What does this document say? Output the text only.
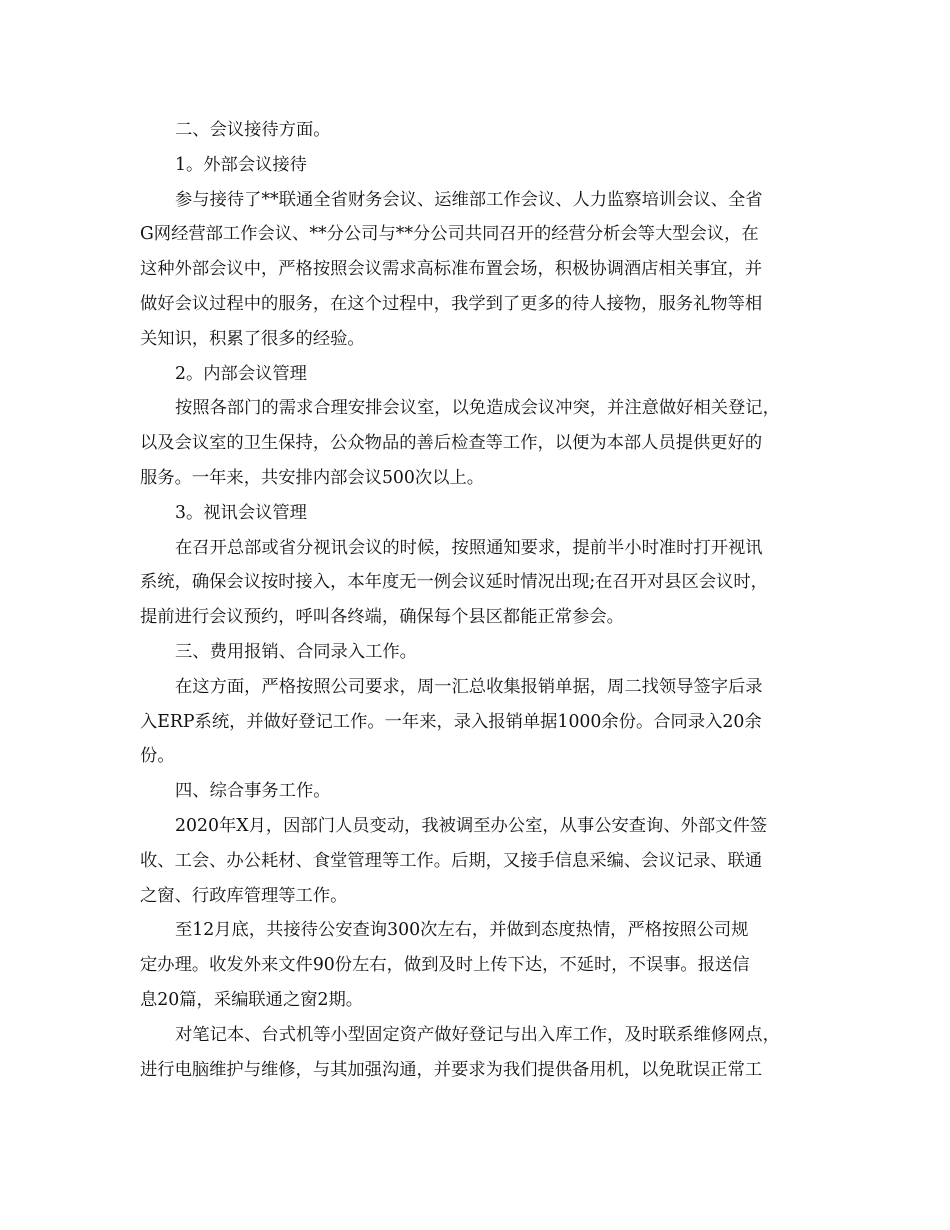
二、会议接待方面。
1。外部会议接待
参与接待了**联通全省财务会议、运维部工作会议、人力监察培训会议、全省
G网经营部工作会议、**分公司与**分公司共同召开的经营分析会等大型会议，在
这种外部会议中，严格按照会议需求高标准布置会场，积极协调酒店相关事宜，并
做好会议过程中的服务，在这个过程中，我学到了更多的待人接物，服务礼物等相
关知识，积累了很多的经验。
2。内部会议管理
按照各部门的需求合理安排会议室，以免造成会议冲突，并注意做好相关登记，
以及会议室的卫生保持，公众物品的善后检查等工作，以便为本部人员提供更好的
服务。一年来，共安排内部会议500次以上。
3。视讯会议管理
在召开总部或省分视讯会议的时候，按照通知要求，提前半小时准时打开视讯
系统，确保会议按时接入，本年度无一例会议延时情况出现;在召开对县区会议时，
提前进行会议预约，呼叫各终端，确保每个县区都能正常参会。
三、费用报销、合同录入工作。
在这方面，严格按照公司要求，周一汇总收集报销单据，周二找领导签字后录
入ERP系统，并做好登记工作。一年来，录入报销单据1000余份。合同录入20余
份。
四、综合事务工作。
2020年X月，因部门人员变动，我被调至办公室，从事公安查询、外部文件签
收、工会、办公耗材、食堂管理等工作。后期，又接手信息采编、会议记录、联通
之窗、行政库管理等工作。
至12月底，共接待公安查询300次左右，并做到态度热情，严格按照公司规
定办理。收发外来文件90份左右，做到及时上传下达，不延时，不误事。报送信
息20篇，采编联通之窗2期。
对笔记本、台式机等小型固定资产做好登记与出入库工作，及时联系维修网点，
进行电脑维护与维修，与其加强沟通，并要求为我们提供备用机，以免耽误正常工
